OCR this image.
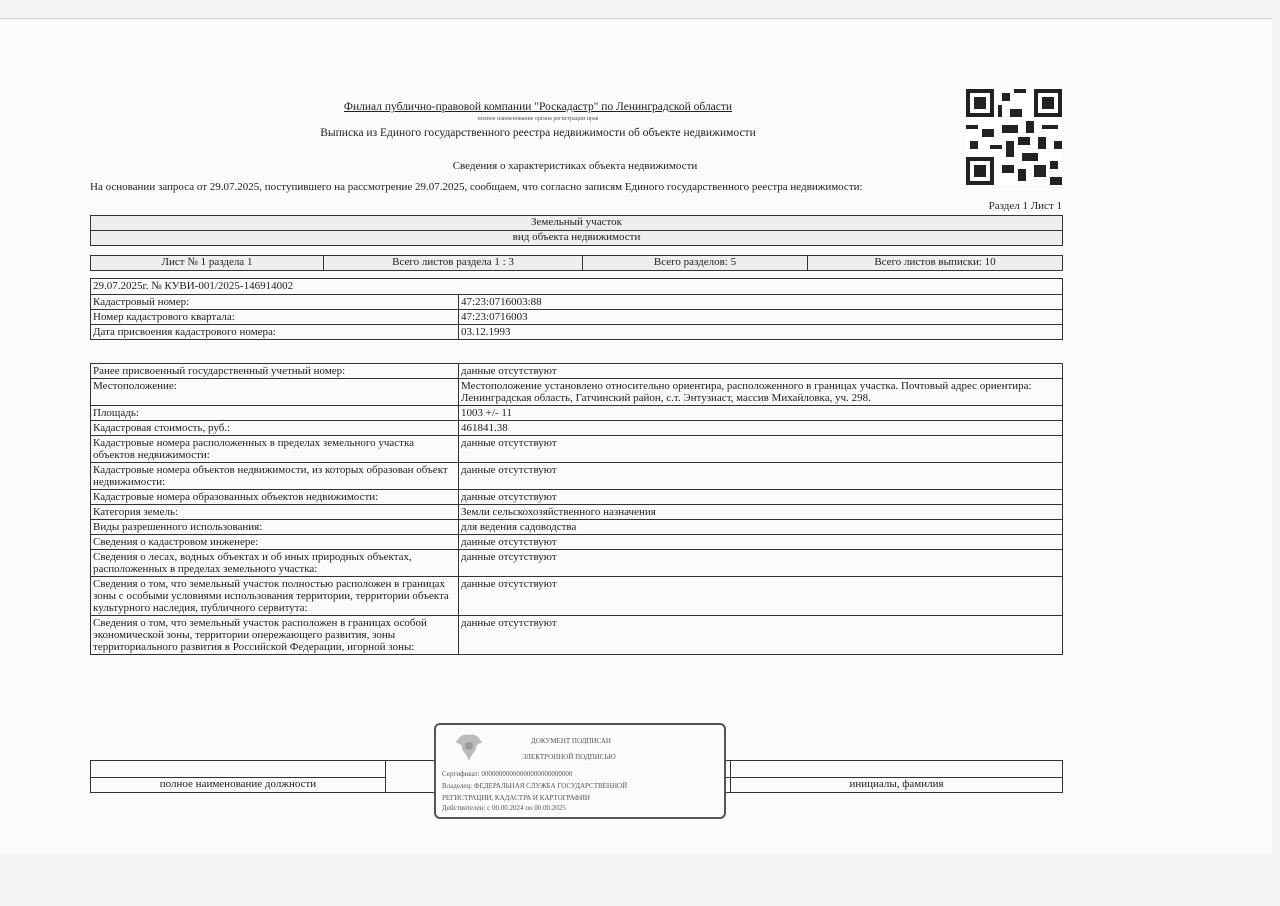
Филиал публично-правовой компании "Роскадастр" по Ленинградской области
полное наименование органа регистрации прав
Выписка из Единого государственного реестра недвижимости об объекте недвижимости
Сведения о характеристиках объекта недвижимости
На основании запроса от 29.07.2025, поступившего на рассмотрение 29.07.2025, сообщаем, что согласно записям Единого государственного реестра недвижимости:
Раздел 1 Лист 1
Земельный участок
вид объекта недвижимости
Лист № 1 раздела 1	Всего листов раздела 1 : 3	Всего разделов: 5	Всего листов выписки: 10
29.07.2025г. № КУВИ-001/2025-146914002	
Кадастровый номер:	47:23:0716003:88
Номер кадастрового квартала:	47:23:0716003
Дата присвоения кадастрового номера:	03.12.1993
Ранее присвоенный государственный учетный номер:	данные отсутствуют
Местоположение:	Местоположение установлено относительно ориентира, расположенного в границах участка. Почтовый адрес ориентира: Ленинградская область, Гатчинский район, с.т. Энтузиаст, массив Михайловка, уч. 298.
Площадь:	1003 +/- 11
Кадастровая стоимость, руб.:	461841.38
Кадастровые номера расположенных в пределах земельного участка объектов недвижимости:	данные отсутствуют
Кадастровые номера объектов недвижимости, из которых образован объект недвижимости:	данные отсутствуют
Кадастровые номера образованных объектов недвижимости:	данные отсутствуют
Категория земель:	Земли сельскохозяйственного назначения
Виды разрешенного использования:	для ведения садоводства
Сведения о кадастровом инженере:	данные отсутствуют
Сведения о лесах, водных объектах и об иных природных объектах, расположенных в пределах земельного участка:	данные отсутствуют
Сведения о том, что земельный участок полностью расположен в границах зоны с особыми условиями использования территории, территории объекта культурного наследия, публичного сервитута:	данные отсутствуют
Сведения о том, что земельный участок расположен в границах особой экономической зоны, территории опережающего развития, зоны территориального развития в Российской Федерации, игорной зоны:	данные отсутствуют

полное наименование должности			инициалы, фамилия
ДОКУМЕНТ ПОДПИСАН
ЭЛЕКТРОННОЙ ПОДПИСЬЮ
Сертификат: 00000000000000000000000000
Владелец: ФЕДЕРАЛЬНАЯ СЛУЖБА ГОСУДАРСТВЕННОЙ
РЕГИСТРАЦИИ, КАДАСТРА И КАРТОГРАФИИ
Действителен: с 00.00.2024 по 00.00.2025
